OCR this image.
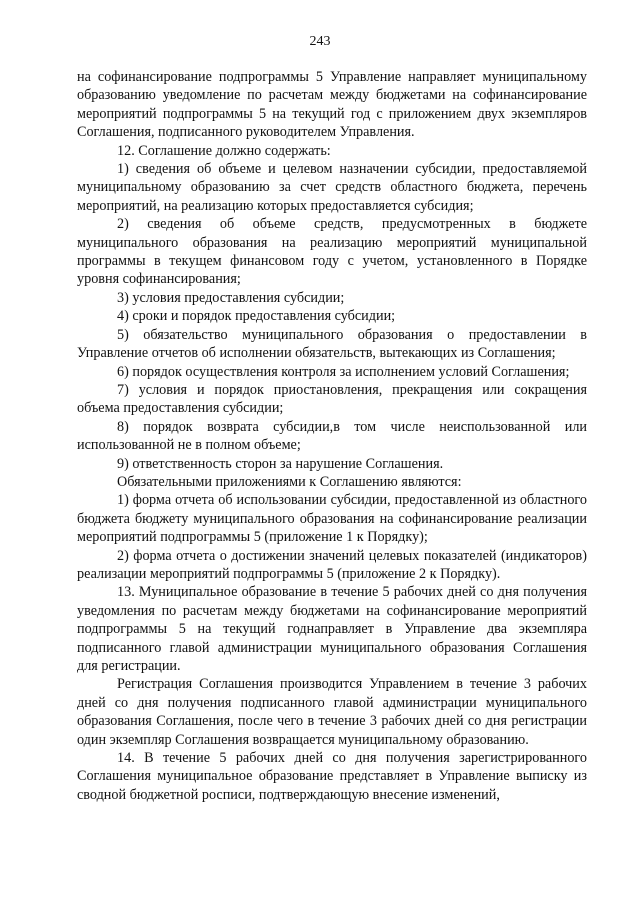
243

на софинансирование подпрограммы 5 Управление направляет муниципальному образованию уведомление по расчетам между бюджетами на софинансирование мероприятий подпрограммы 5 на текущий год с приложением двух экземпляров Соглашения, подписанного руководителем Управления.

12. Соглашение должно содержать:

1) сведения об объеме и целевом назначении субсидии, предоставляемой муниципальному образованию за счет средств областного бюджета, перечень мероприятий, на реализацию которых предоставляется субсидия;

2) сведения об объеме средств, предусмотренных в бюджете муниципального образования на реализацию мероприятий муниципальной программы в текущем финансовом году с учетом, установленного в Порядке уровня софинансирования;

3) условия предоставления субсидии;

4) сроки и порядок предоставления субсидии;

5) обязательство муниципального образования о предоставлении в Управление отчетов об исполнении обязательств, вытекающих из Соглашения;

6) порядок осуществления контроля за исполнением условий Соглашения;

7) условия и порядок приостановления, прекращения или сокращения объема предоставления субсидии;

8) порядок возврата субсидии,в том числе неиспользованной или использованной не в полном объеме;

9) ответственность сторон за нарушение Соглашения.

Обязательными приложениями к Соглашению являются:

1) форма отчета об использовании субсидии, предоставленной из областного бюджета бюджету муниципального образования на софинансирование реализации мероприятий подпрограммы 5 (приложение 1 к Порядку);

2) форма отчета о достижении значений целевых показателей (индикаторов) реализации мероприятий подпрограммы 5 (приложение 2 к Порядку).

13. Муниципальное образование в течение 5 рабочих дней со дня получения уведомления по расчетам между бюджетами на софинансирование мероприятий подпрограммы 5 на текущий годнаправляет в Управление два экземпляра подписанного главой администрации муниципального образования Соглашения для регистрации.

Регистрация Соглашения производится Управлением в течение 3 рабочих дней со дня получения подписанного главой администрации муниципального образования Соглашения, после чего в течение 3 рабочих дней со дня регистрации один экземпляр Соглашения возвращается муниципальному образованию.

14. В течение 5 рабочих дней со дня получения зарегистрированного Соглашения муниципальное образование представляет в Управление выписку из сводной бюджетной росписи, подтверждающую внесение изменений,
